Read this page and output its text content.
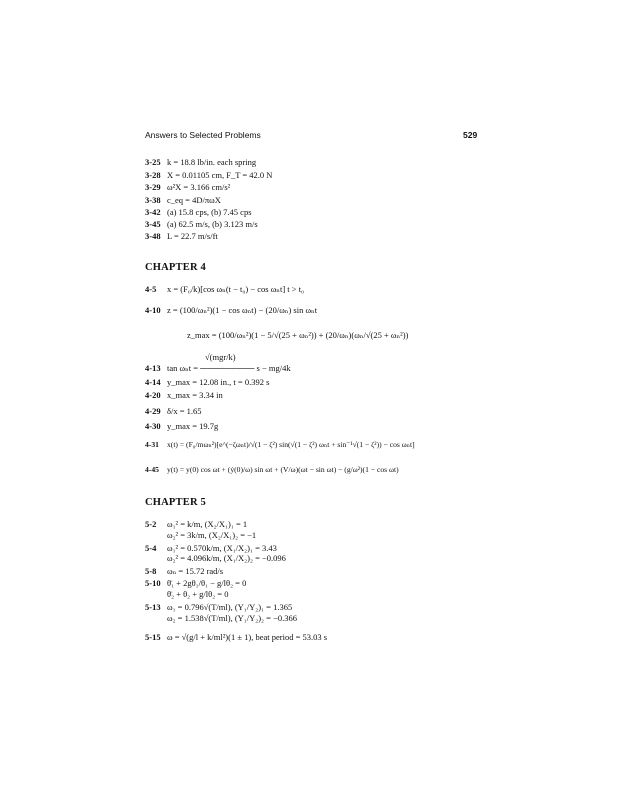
Answers to Selected Problems	529
3-25 k = 18.8 lb/in. each spring
3-28 X = 0.01105 cm, F_T = 42.0 N
3-29 ω²X = 3.166 cm/s²
3-38 c_eq = 4D/πωX
3-42 (a) 15.8 cps, (b) 7.45 cps
3-45 (a) 62.5 m/s, (b) 3.123 m/s
3-48 L = 22.7 m/s/ft
CHAPTER 4
4-5 x = (F₀/k)[cos ωₙ(t − t₀) − cos ωₙt] t > t₀
4-10 z = (100/ωₙ²)(1 − cos ωₙt) − (20/ωₙ) sin ωₙt
z_max = (100/ωₙ²)(1 − 5/√(25 + ωₙ²)) + (20/ωₙ)(ωₙ/√(25 + ωₙ²))
√(mgr/k)
4-13 tan ωₙt = ───────── s − mg/4k
4-14 y_max = 12.08 in., t = 0.392 s
4-20 x_max = 3.34 in
4-29 δ/x = 1.65
4-30 y_max = 19.7g
4-31 x(t) = (F₀/mωₙ²)[e^(−ζωₙt)/√(1 − ζ²) sin(√(1 − ζ²) ωₙt + sin⁻¹√(1 − ζ²)) − cos ωₙt]
4-45 y(t) = y(0) cos ωt + (ẏ(0)/ω) sin ωt + (V/ω)(ωt − sin ωt) − (g/ω²)(1 − cos ωt)
CHAPTER 5
5-2 ω₁² = k/m, (X₂/X₁)₁ = 1
ω₂² = 3k/m, (X₂/X₁)₂ = −1
5-4 ω₁² = 0.570k/m, (X₁/X₂)₁ = 3.43
ω₂² = 4.096k/m, (X₁/X₂)₂ = −0.096
5-8 ωₙ = 15.72 rad/s
5-10 θ̈₁ + 2gθ₁/θ₁ − g/lθ₂ = 0
θ̈₂ + θ₂ + g/lθ₂ = 0
5-13 ω₁ = 0.796√(T/ml), (Y₁/Y₂)₁ = 1.365
ω₂ = 1.538√(T/ml), (Y₁/Y₂)₂ = −0.366
5-15 ω = √(g/l + k/ml²)(1 ± 1), beat period = 53.03 s
